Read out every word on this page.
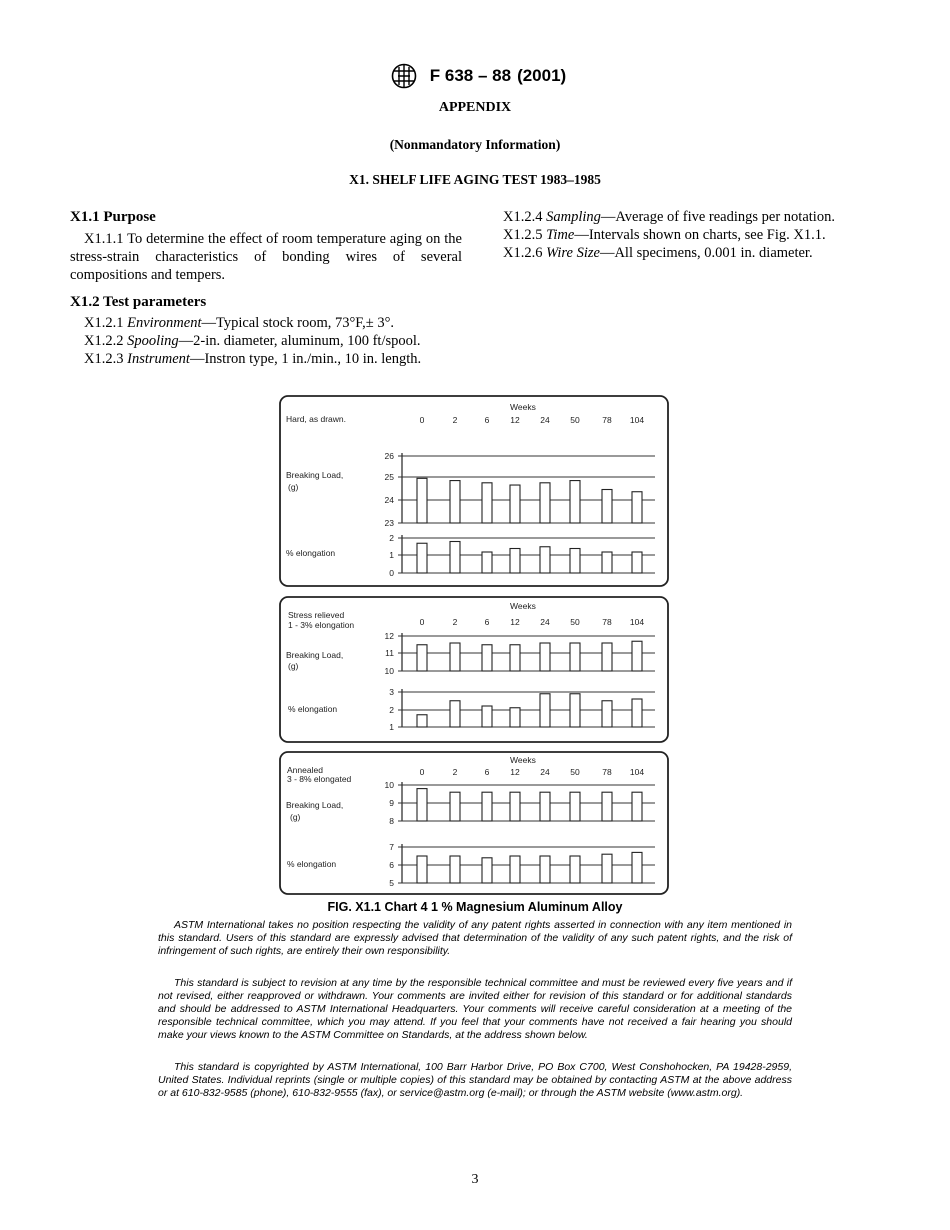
F 638 – 88 (2001)
APPENDIX
(Nonmandatory Information)
X1. SHELF LIFE AGING TEST 1983–1985

X1.1 Purpose

X1.1.1 To determine the effect of room temperature aging on the stress-strain characteristics of bonding wires of several compositions and tempers.

X1.2 Test parameters

X1.2.1 Environment—Typical stock room, 73°F,± 3°.

X1.2.2 Spooling—2-in. diameter, aluminum, 100 ft/spool.

X1.2.3 Instrument—Instron type, 1 in./min., 10 in. length.

X1.2.4 Sampling—Average of five readings per notation.

X1.2.5 Time—Intervals shown on charts, see Fig. X1.1.

X1.2.6 Wire Size—All specimens, 0.001 in. diameter.

Hard, as drawn.
Weeks
Breaking Load,
(g)
% elongation
Stress relieved
1 - 3% elongation
Weeks
Breaking Load,
(g)
% elongation
Annealed
3 - 8% elongated
Weeks
Breaking Load,
(g)
% elongation
0	2	6 12 24 50	78 104
26
25
24
23
2
1
0
0	2	6 12 24 50	78 104
12
11
10
3
2
1
0	2	6 12 24 50	78 104
10
9
8
7
6
5
FIG. X1.1 Chart 4 1 % Magnesium Aluminum Alloy

ASTM International takes no position respecting the validity of any patent rights asserted in connection with any item mentioned in this standard. Users of this standard are expressly advised that determination of the validity of any such patent rights, and the risk of infringement of such rights, are entirely their own responsibility.

This standard is subject to revision at any time by the responsible technical committee and must be reviewed every five years and if not revised, either reapproved or withdrawn. Your comments are invited either for revision of this standard or for additional standards and should be addressed to ASTM International Headquarters. Your comments will receive careful consideration at a meeting of the responsible technical committee, which you may attend. If you feel that your comments have not received a fair hearing you should make your views known to the ASTM Committee on Standards, at the address shown below.

This standard is copyrighted by ASTM International, 100 Barr Harbor Drive, PO Box C700, West Conshohocken, PA 19428-2959, United States. Individual reprints (single or multiple copies) of this standard may be obtained by contacting ASTM at the above address or at 610-832-9585 (phone), 610-832-9555 (fax), or service@astm.org (e-mail); or through the ASTM website (www.astm.org).

3
